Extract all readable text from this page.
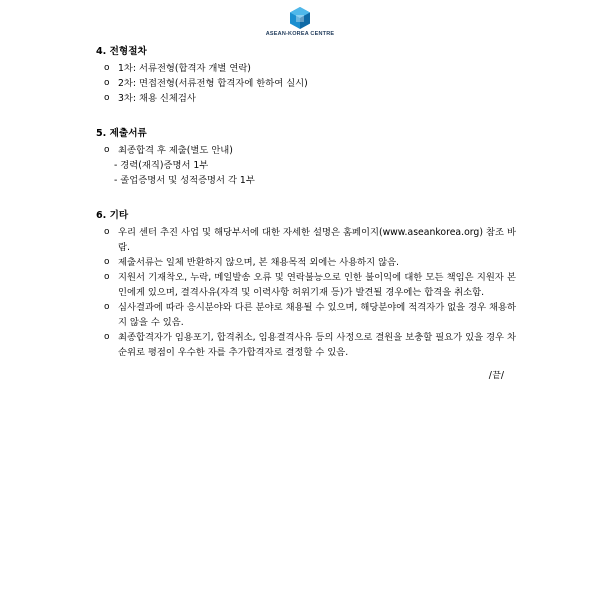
ASEAN-KOREA CENTRE
4. 전형절차
o 1차: 서류전형(합격자 개별 연락)
o 2차: 면접전형(서류전형 합격자에 한하여 실시)
o 3차: 채용 신체검사
5. 제출서류
o 최종합격 후 제출(별도 안내)
- 경력(재직)증명서 1부
- 졸업증명서 및 성적증명서 각 1부
6. 기타
o 우리 센터 추진 사업 및 해당부서에 대한 자세한 설명은 홈페이지(www.aseankorea.org) 참조 바람.
o 제출서류는 일체 반환하지 않으며, 본 채용목적 외에는 사용하지 않음.
o 지원서 기재착오, 누락, 메일발송 오류 및 연락불능으로 인한 불이익에 대한 모든 책임은 지원자 본인에게 있으며, 결격사유(자격 및 이력사항 허위기재 등)가 발견될 경우에는 합격을 취소함.
o 심사결과에 따라 응시분야와 다른 분야로 채용될 수 있으며, 해당분야에 적격자가 없을 경우 채용하지 않을 수 있음.
o 최종합격자가 임용포기, 합격취소, 임용결격사유 등의 사정으로 결원을 보충할 필요가 있을 경우 차순위로 평점이 우수한 자를 추가합격자로 결정할 수 있음.
/끝/
